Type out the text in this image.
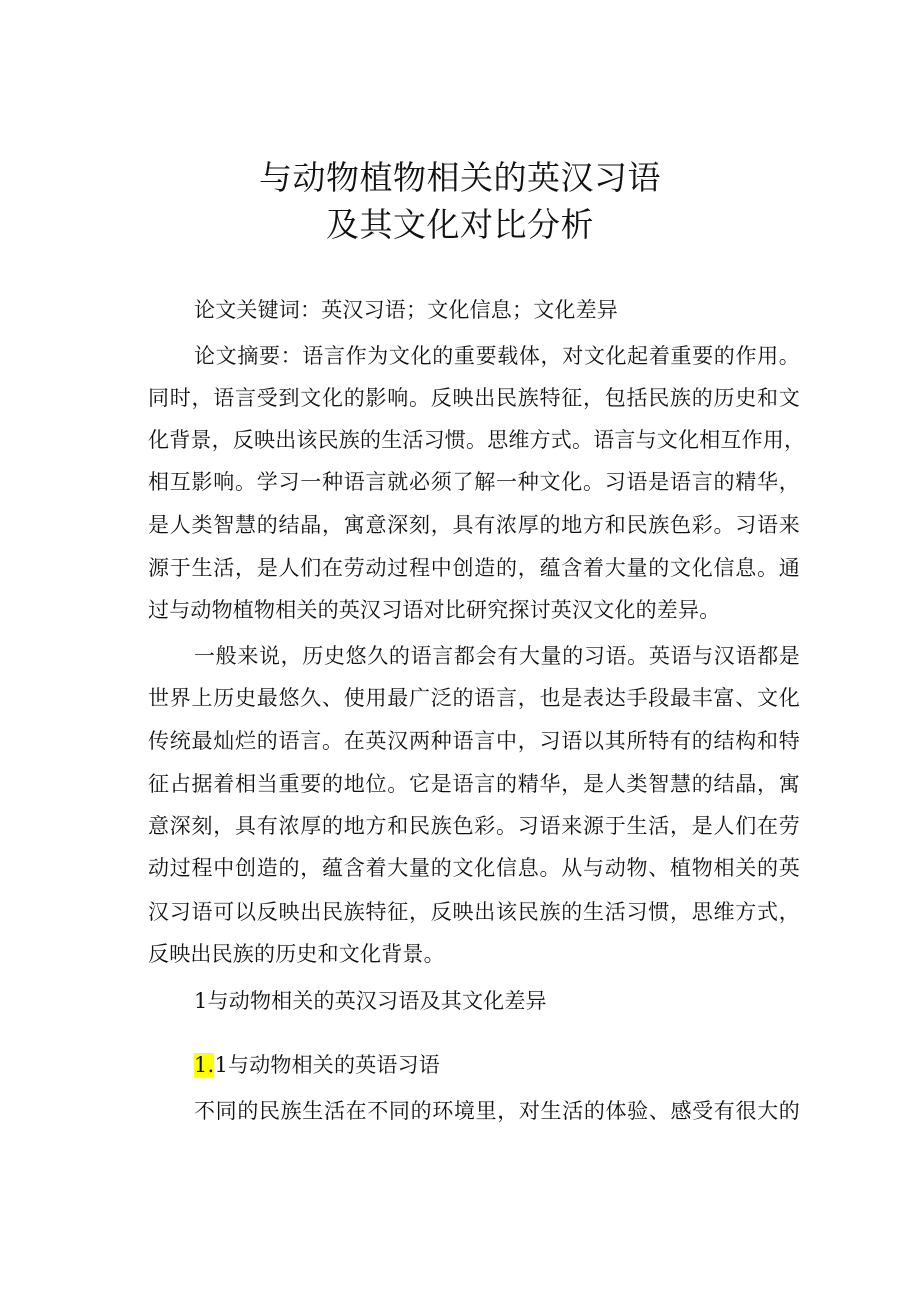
与动物植物相关的英汉习语
及其文化对比分析
论文关键词：英汉习语；文化信息；文化差异
论文摘要：语言作为文化的重要载体，对文化起着重要的作用。
同时，语言受到文化的影响。反映出民族特征，包括民族的历史和文
化背景，反映出该民族的生活习惯。思维方式。语言与文化相互作用，
相互影响。学习一种语言就必须了解一种文化。习语是语言的精华，
是人类智慧的结晶，寓意深刻，具有浓厚的地方和民族色彩。习语来
源于生活，是人们在劳动过程中创造的，蕴含着大量的文化信息。通
过与动物植物相关的英汉习语对比研究探讨英汉文化的差异。
一般来说，历史悠久的语言都会有大量的习语。英语与汉语都是
世界上历史最悠久、使用最广泛的语言，也是表达手段最丰富、文化
传统最灿烂的语言。在英汉两种语言中，习语以其所特有的结构和特
征占据着相当重要的地位。它是语言的精华，是人类智慧的结晶，寓
意深刻，具有浓厚的地方和民族色彩。习语来源于生活，是人们在劳
动过程中创造的，蕴含着大量的文化信息。从与动物、植物相关的英
汉习语可以反映出民族特征，反映出该民族的生活习惯，思维方式，
反映出民族的历史和文化背景。
1与动物相关的英汉习语及其文化差异
1.1与动物相关的英语习语
不同的民族生活在不同的环境里，对生活的体验、感受有很大的
